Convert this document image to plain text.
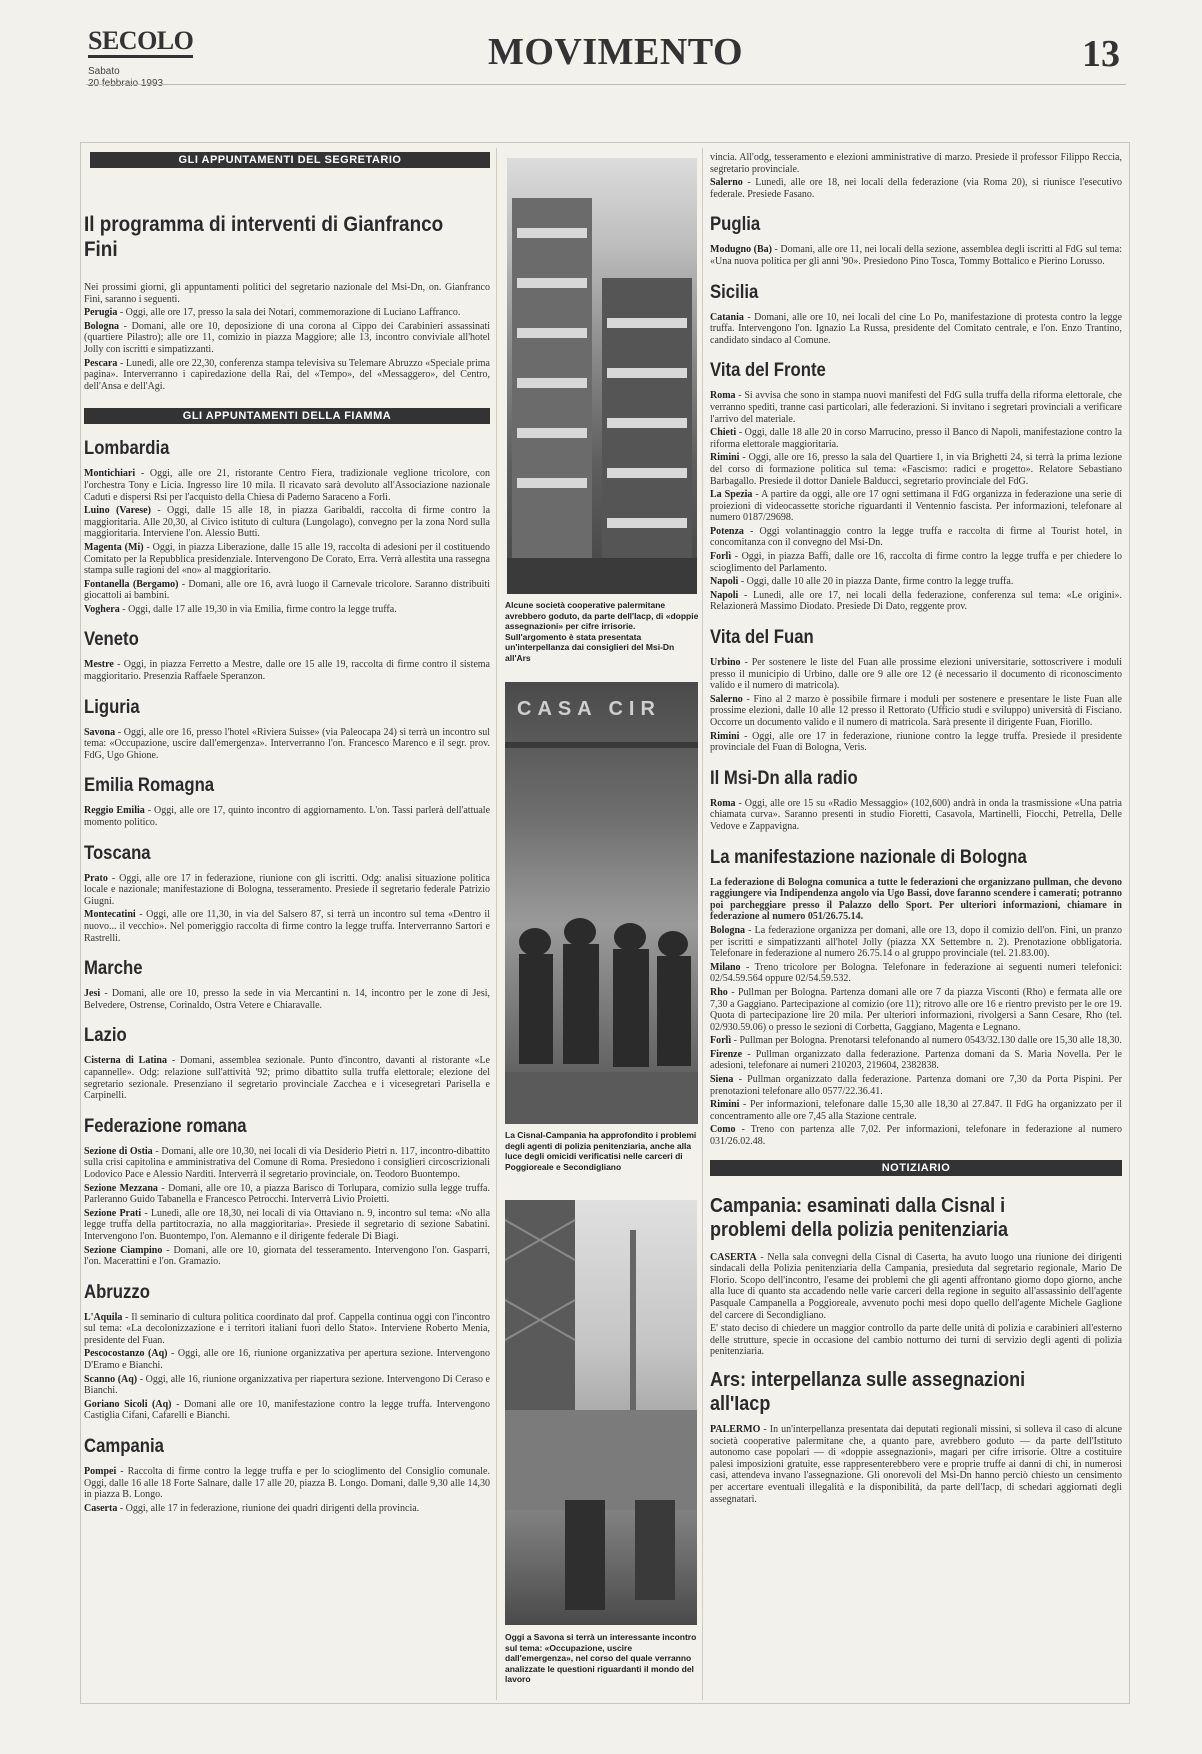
SECOLO
Sabato	MOVIMENTO	13
GLI APPUNTAMENTI DEL SEGRETARIO
Il programma di interventi di Gianfranco Fini
Nei prossimi giorni, gli appuntamenti politici del segretario nazionale del Msi-Dn, on. Gianfranco Fini, saranno i seguenti.
Perugia - Oggi, alle ore 17, presso la sala dei Notari, commemorazione di Luciano Laffranco.
Bologna - Domani, alle ore 10, deposizione di una corona al Cippo dei Carabinieri assassinati (quartiere Pilastro); alle ore 11, comizio in piazza Maggiore; alle 13, incontro conviviale all'hotel Jolly con iscritti e simpatizzanti.
Pescara - Lunedì, alle ore 22,30, conferenza stampa televisiva su Telemare Abruzzo «Speciale prima pagina». Interverranno i capiredazione della Rai, del «Tempo», del «Messaggero», del Centro, dell'Ansa e dell'Agi.
GLI APPUNTAMENTI DELLA FIAMMA
Lombardia
Montichiari - Oggi, alle ore 21, ristorante Centro Fiera, tradizionale veglione tricolore, con l'orchestra Tony e Licia. Ingresso lire 10 mila. Il ricavato sarà devoluto all'Associazione nazionale Caduti e dispersi Rsi per l'acquisto della Chiesa di Paderno Saraceno a Forlì.
Luino (Varese) - Oggi, dalle 15 alle 18, in piazza Garibaldi, raccolta di firme contro la maggioritaria. Alle 20,30, al Civico istituto di cultura (Lungolago), convegno per la zona Nord sulla maggioritaria. Interviene l'on. Alessio Butti.
Magenta (Mi) - Oggi, in piazza Liberazione, dalle 15 alle 19, raccolta di adesioni per il costituendo Comitato per la Repubblica presidenziale. Intervengono De Corato, Erra. Verrà allestita una rassegna stampa sulle ragioni del «no» al maggioritario.
Fontanella (Bergamo) - Domani, alle ore 16, avrà luogo il Carnevale tricolore. Saranno distribuiti giocattoli ai bambini.
Voghera - Oggi, dalle 17 alle 19,30 in via Emilia, firme contro la legge truffa.
Veneto
Mestre - Oggi, in piazza Ferretto a Mestre, dalle ore 15 alle 19, raccolta di firme contro il sistema maggioritario. Presenzia Raffaele Speranzon.
Liguria
Savona - Oggi, alle ore 16, presso l'hotel «Riviera Suisse» (via Paleocapa 24) si terrà un incontro sul tema: «Occupazione, uscire dall'emergenza». Interverranno l'on. Francesco Marenco e il segr. prov. FdG, Ugo Ghione.
Emilia Romagna
Reggio Emilia - Oggi, alle ore 17, quinto incontro di aggiornamento. L'on. Tassi parlerà dell'attuale momento politico.
Toscana
Prato - Oggi, alle ore 17 in federazione, riunione con gli iscritti. Odg: analisi situazione politica locale e nazionale; manifestazione di Bologna, tesseramento. Presiede il segretario federale Patrizio Giugni.
Montecatini - Oggi, alle ore 11,30, in via del Salsero 87, si terrà un incontro sul tema «Dentro il nuovo... il vecchio». Nel pomeriggio raccolta di firme contro la legge truffa. Interverranno Sartori e Rastrelli.
Marche
Jesi - Domani, alle ore 10, presso la sede in via Mercantini n. 14, incontro per le zone di Jesi, Belvedere, Ostrense, Corinaldo, Ostra Vetere e Chiaravalle.
Lazio
Cisterna di Latina - Domani, assemblea sezionale. Punto d'incontro, davanti al ristorante «Le capannelle». Odg: relazione sull'attività '92; primo dibattito sulla truffa elettorale; elezione del segretario sezionale. Presenziano il segretario provinciale Zacchea e i vicesegretari Parisella e Carpinelli.
Federazione romana
Sezione di Ostia - Domani, alle ore 10,30, nei locali di via Desiderio Pietri n. 117, incontro-dibattito sulla crisi capitolina e amministrativa del Comune di Roma. Presiedono i consiglieri circoscrizionali Lodovico Pace e Alessio Narditi. Interverrà il segretario provinciale, on. Teodoro Buontempo.
Sezione Mezzana - Domani, alle ore 10, a piazza Barisco di Torlupara, comizio sulla legge truffa. Parleranno Guido Tabanella e Francesco Petrocchi. Interverrà Livio Proietti.
Sezione Prati - Lunedì, alle ore 18,30, nei locali di via Ottaviano n. 9, incontro sul tema: «No alla legge truffa della partitocrazia, no alla maggioritaria». Presiede il segretario di sezione Sabatini. Intervengono l'on. Buontempo, l'on. Alemanno e il dirigente federale Di Biagi.
Sezione Ciampino - Domani, alle ore 10, giornata del tesseramento. Intervengono l'on. Gasparri, l'on. Macerattini e l'on. Gramazio.
Abruzzo
L'Aquila - Il seminario di cultura politica coordinato dal prof. Cappella continua oggi con l'incontro sul tema: «La decolonizzazione e i territori italiani fuori dello Stato». Interviene Roberto Menia, presidente del Fuan.
Pescocostanzo (Aq) - Oggi, alle ore 16, riunione organizzativa per apertura sezione. Intervengono D'Eramo e Bianchi.
Scanno (Aq) - Oggi, alle 16, riunione organizzativa per riapertura sezione. Intervengono Di Ceraso e Bianchi.
Goriano Sicoli (Aq) - Domani alle ore 10, manifestazione contro la legge truffa. Intervengono Castiglia Cifani, Cafarelli e Bianchi.
Campania
Pompei - Raccolta di firme contro la legge truffa e per lo scioglimento del Consiglio comunale. Oggi, dalle 16 alle 18 Forte Salnare, dalle 17 alle 20, piazza B. Longo. Domani, dalle 9,30 alle 14,30 in piazza B. Longo.
Caserta - Oggi, alle 17 in federazione, riunione dei quadri dirigenti della provincia.
Alcune società cooperative palermitane avrebbero goduto, da parte dell'Iacp, di «doppie assegnazioni» per cifre irrisorie. Sull'argomento è stata presentata un'interpellanza dai consiglieri del Msi-Dn all'Ars
CASA CIR
La Cisnal-Campania ha approfondito i problemi degli agenti di polizia penitenziaria, anche alla luce degli omicidi verificatisi nelle carceri di Poggioreale e Secondigliano
Oggi a Savona si terrà un interessante incontro sul tema: «Occupazione, uscire dall'emergenza», nel corso del quale verranno analizzate le questioni riguardanti il mondo del lavoro
vincia. All'odg, tesseramento e elezioni amministrative di marzo. Presiede il professor Filippo Reccia, segretario provinciale.
Salerno - Lunedì, alle ore 18, nei locali della federazione (via Roma 20), si riunisce l'esecutivo federale. Presiede Fasano.
Puglia
Modugno (Ba) - Domani, alle ore 11, nei locali della sezione, assemblea degli iscritti al FdG sul tema: «Una nuova politica per gli anni '90». Presiedono Pino Tosca, Tommy Bottalico e Pierino Lorusso.
Sicilia
Catania - Domani, alle ore 10, nei locali del cine Lo Po, manifestazione di protesta contro la legge truffa. Intervengono l'on. Ignazio La Russa, presidente del Comitato centrale, e l'on. Enzo Trantino, candidato sindaco al Comune.
Vita del Fronte
Roma - Si avvisa che sono in stampa nuovi manifesti del FdG sulla truffa della riforma elettorale, che verranno spediti, tranne casi particolari, alle federazioni. Si invitano i segretari provinciali a verificare l'arrivo del materiale.
Chieti - Oggi, dalle 18 alle 20 in corso Marrucino, presso il Banco di Napoli, manifestazione contro la riforma elettorale maggioritaria.
Rimini - Oggi, alle ore 16, presso la sala del Quartiere 1, in via Brighetti 24, si terrà la prima lezione del corso di formazione politica sul tema: «Fascismo: radici e progetto». Relatore Sebastiano Barbagallo. Presiede il dottor Daniele Balducci, segretario provinciale del FdG.
La Spezia - A partire da oggi, alle ore 17 ogni settimana il FdG organizza in federazione una serie di proiezioni di videocassette storiche riguardanti il Ventennio fascista. Per informazioni, telefonare al numero 0187/29698.
Potenza - Oggi volantinaggio contro la legge truffa e raccolta di firme al Tourist hotel, in concomitanza con il convegno del Msi-Dn.
Forlì - Oggi, in piazza Baffi, dalle ore 16, raccolta di firme contro la legge truffa e per chiedere lo scioglimento del Parlamento.
Napoli - Oggi, dalle 10 alle 20 in piazza Dante, firme contro la legge truffa.
Napoli - Lunedì, alle ore 17, nei locali della federazione, conferenza sul tema: «Le origini». Relazionerà Massimo Diodato. Presiede Di Dato, reggente prov.
Vita del Fuan
Urbino - Per sostenere le liste del Fuan alle prossime elezioni universitarie, sottoscrivere i moduli presso il municipio di Urbino, dalle ore 9 alle ore 12 (è necessario il documento di riconoscimento valido e il numero di matricola).
Salerno - Fino al 2 marzo è possibile firmare i moduli per sostenere e presentare le liste Fuan alle prossime elezioni, dalle 10 alle 12 presso il Rettorato (Ufficio studi e sviluppo) università di Fisciano. Occorre un documento valido e il numero di matricola. Sarà presente il dirigente Fuan, Fiorillo.
Rimini - Oggi, alle ore 17 in federazione, riunione contro la legge truffa. Presiede il presidente provinciale del Fuan di Bologna, Veris.
Il Msi-Dn alla radio
Roma - Oggi, alle ore 15 su «Radio Messaggio» (102,600) andrà in onda la trasmissione «Una patria chiamata curva». Saranno presenti in studio Fioretti, Casavola, Martinelli, Fiocchi, Petrella, Delle Vedove e Zappavigna.
La manifestazione nazionale di Bologna
La federazione di Bologna comunica a tutte le federazioni che organizzano pullman, che devono raggiungere via Indipendenza angolo via Ugo Bassi, dove faranno scendere i camerati; potranno poi parcheggiare presso il Palazzo dello Sport. Per ulteriori informazioni, chiamare in federazione al numero 051/26.75.14.
Bologna - La federazione organizza per domani, alle ore 13, dopo il comizio dell'on. Fini, un pranzo per iscritti e simpatizzanti all'hotel Jolly (piazza XX Settembre n. 2). Prenotazione obbligatoria. Telefonare in federazione al numero 26.75.14 o al gruppo provinciale (tel. 21.83.00).
Milano - Treno tricolore per Bologna. Telefonare in federazione ai seguenti numeri telefonici: 02/54.59.564 oppure 02/54.59.532.
Rho - Pullman per Bologna. Partenza domani alle ore 7 da piazza Visconti (Rho) e fermata alle ore 7,30 a Gaggiano. Partecipazione al comizio (ore 11); ritrovo alle ore 16 e rientro previsto per le ore 19. Quota di partecipazione lire 20 mila. Per ulteriori informazioni, rivolgersi a Sann Cesare, Rho (tel. 02/930.59.06) o presso le sezioni di Corbetta, Gaggiano, Magenta e Legnano.
Forlì - Pullman per Bologna. Prenotarsi telefonando al numero 0543/32.130 dalle ore 15,30 alle 18,30.
Firenze - Pullman organizzato dalla federazione. Partenza domani da S. Maria Novella. Per le adesioni, telefonare ai numeri 210203, 219604, 2382838.
Siena - Pullman organizzato dalla federazione. Partenza domani ore 7,30 da Porta Pispini. Per prenotazioni telefonare allo 0577/22.36.41.
Rimini - Per informazioni, telefonare dalle 15,30 alle 18,30 al 27.847. Il FdG ha organizzato per il concentramento alle ore 7,45 alla Stazione centrale.
Como - Treno con partenza alle 7,02. Per informazioni, telefonare in federazione al numero 031/26.02.48.
NOTIZIARIO
Campania: esaminati dalla Cisnal i problemi della polizia penitenziaria
CASERTA - Nella sala convegni della Cisnal di Caserta, ha avuto luogo una riunione dei dirigenti sindacali della Polizia penitenziaria della Campania, presieduta dal segretario regionale, Mario De Florio. Scopo dell'incontro, l'esame dei problemi che gli agenti affrontano giorno dopo giorno, anche alla luce di quanto sta accadendo nelle varie carceri della regione in seguito all'assassinio dell'agente Pasquale Campanella a Poggioreale, avvenuto pochi mesi dopo quello dell'agente Michele Gaglione del carcere di Secondigliano.
E' stato deciso di chiedere un maggior controllo da parte delle unità di polizia e carabinieri all'esterno delle strutture, specie in occasione del cambio notturno dei turni di servizio degli agenti di polizia penitenziaria.
Ars: interpellanza sulle assegnazioni all'Iacp
PALERMO - In un'interpellanza presentata dai deputati regionali missini, si solleva il caso di alcune società cooperative palermitane che, a quanto pare, avrebbero goduto — da parte dell'Istituto autonomo case popolari — di «doppie assegnazioni», magari per cifre irrisorie. Oltre a costituire palesi imposizioni gratuite, esse rappresenterebbero vere e proprie truffe ai danni di chi, in numerosi casi, attendeva invano l'assegnazione. Gli onorevoli del Msi-Dn hanno perciò chiesto un censimento per accertare eventuali illegalità e la disponibilità, da parte dell'Iacp, di schedari aggiornati degli assegnatari.
